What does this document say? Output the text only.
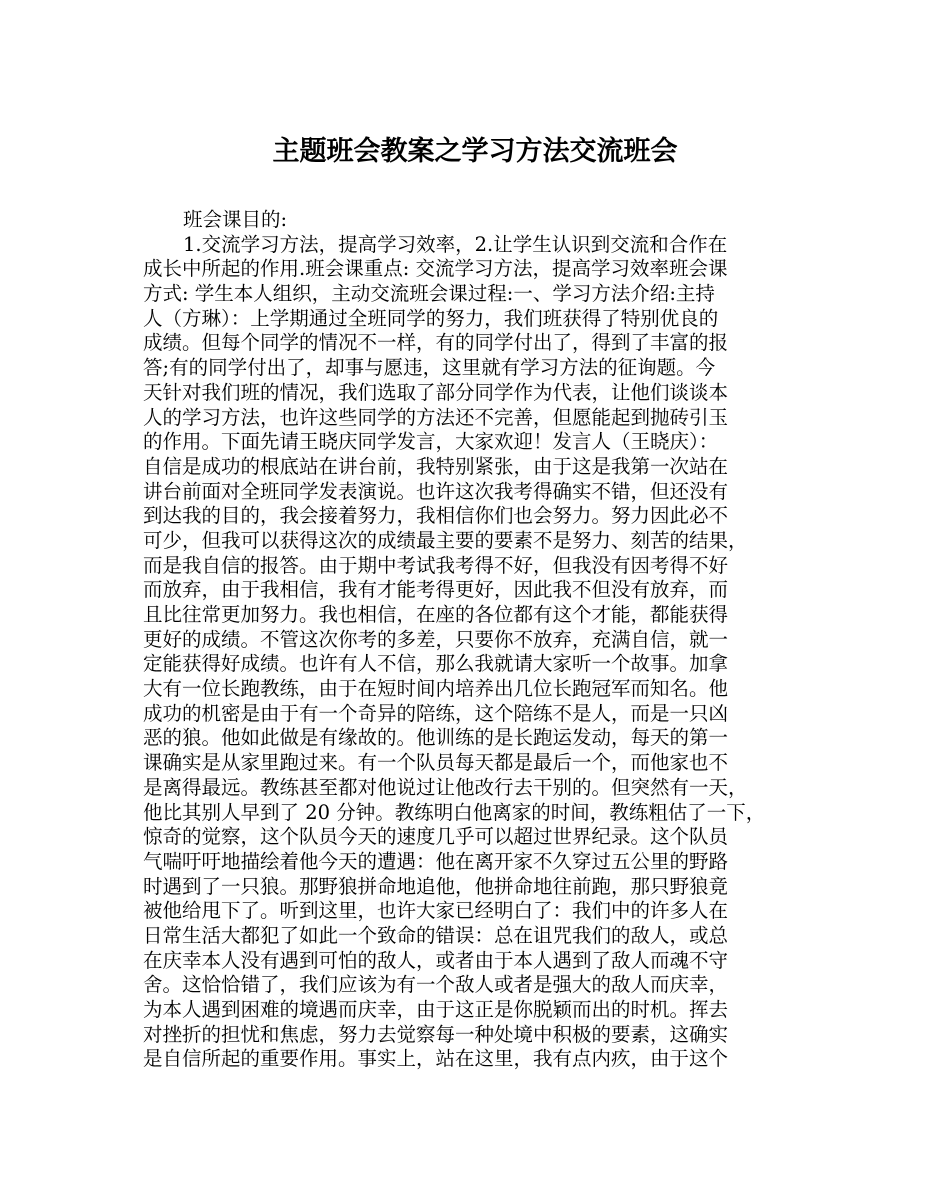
主题班会教案之学习方法交流班会
班会课目的:
1.交流学习方法，提高学习效率，2.让学生认识到交流和合作在
成长中所起的作用.班会课重点: 交流学习方法，提高学习效率班会课
方式: 学生本人组织，主动交流班会课过程:一、学习方法介绍:主持
人（方琳）：上学期通过全班同学的努力，我们班获得了特别优良的
成绩。但每个同学的情况不一样，有的同学付出了，得到了丰富的报
答;有的同学付出了，却事与愿违，这里就有学习方法的征询题。今
天针对我们班的情况，我们选取了部分同学作为代表，让他们谈谈本
人的学习方法，也许这些同学的方法还不完善，但愿能起到抛砖引玉
的作用。下面先请王晓庆同学发言，大家欢迎！发言人（王晓庆）：
自信是成功的根底站在讲台前，我特别紧张，由于这是我第一次站在
讲台前面对全班同学发表演说。也许这次我考得确实不错，但还没有
到达我的目的，我会接着努力，我相信你们也会努力。努力因此必不
可少，但我可以获得这次的成绩最主要的要素不是努力、刻苦的结果，
而是我自信的报答。由于期中考试我考得不好，但我没有因考得不好
而放弃，由于我相信，我有才能考得更好，因此我不但没有放弃，而
且比往常更加努力。我也相信，在座的各位都有这个才能，都能获得
更好的成绩。不管这次你考的多差，只要你不放弃，充满自信，就一
定能获得好成绩。也许有人不信，那么我就请大家听一个故事。加拿
大有一位长跑教练，由于在短时间内培养出几位长跑冠军而知名。他
成功的机密是由于有一个奇异的陪练，这个陪练不是人，而是一只凶
恶的狼。他如此做是有缘故的。他训练的是长跑运发动，每天的第一
课确实是从家里跑过来。有一个队员每天都是最后一个，而他家也不
是离得最远。教练甚至都对他说过让他改行去干别的。但突然有一天，
他比其别人早到了 20 分钟。教练明白他离家的时间，教练粗估了一下，
惊奇的觉察，这个队员今天的速度几乎可以超过世界纪录。这个队员
气喘吁吁地描绘着他今天的遭遇：他在离开家不久穿过五公里的野路
时遇到了一只狼。那野狼拼命地追他，他拼命地往前跑，那只野狼竟
被他给甩下了。听到这里，也许大家已经明白了：我们中的许多人在
日常生活大都犯了如此一个致命的错误：总在诅咒我们的敌人，或总
在庆幸本人没有遇到可怕的敌人，或者由于本人遇到了敌人而魂不守
舍。这恰恰错了，我们应该为有一个敌人或者是强大的敌人而庆幸，
为本人遇到困难的境遇而庆幸，由于这正是你脱颖而出的时机。挥去
对挫折的担忧和焦虑，努力去觉察每一种处境中积极的要素，这确实
是自信所起的重要作用。事实上，站在这里，我有点内疚，由于这个
